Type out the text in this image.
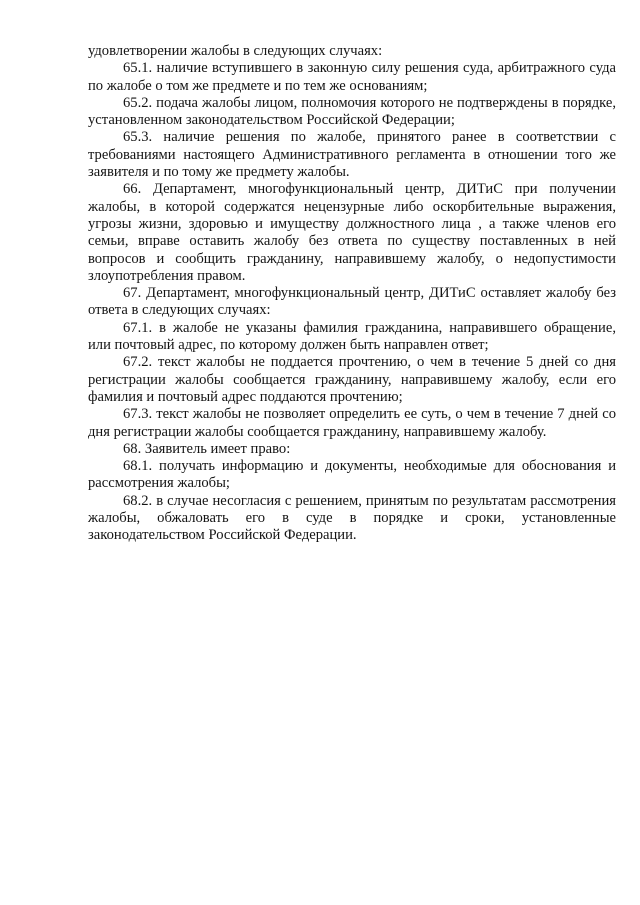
удовлетворении жалобы в следующих случаях:

65.1. наличие вступившего в законную силу решения суда, арбитражного суда по жалобе о том же предмете и по тем же основаниям;

65.2. подача жалобы лицом, полномочия которого не подтверждены в порядке, установленном законодательством Российской Федерации;

65.3. наличие решения по жалобе, принятого ранее в соответствии с требованиями настоящего Административного регламента в отношении того же заявителя и по тому же предмету жалобы.

66. Департамент, многофункциональный центр, ДИТиС при получении жалобы, в которой содержатся нецензурные либо оскорбительные выражения, угрозы жизни, здоровью и имуществу должностного лица , а также членов его семьи, вправе оставить жалобу без ответа по существу поставленных в ней вопросов и сообщить гражданину, направившему жалобу, о недопустимости злоупотребления правом.

67. Департамент, многофункциональный центр, ДИТиС оставляет жалобу без ответа в следующих случаях:

67.1. в жалобе не указаны фамилия гражданина, направившего обращение, или почтовый адрес, по которому должен быть направлен ответ;

67.2. текст жалобы не поддается прочтению, о чем в течение 5 дней со дня регистрации жалобы сообщается гражданину, направившему жалобу, если его фамилия и почтовый адрес поддаются прочтению;

67.3. текст жалобы не позволяет определить ее суть, о чем в течение 7 дней со дня регистрации жалобы сообщается гражданину, направившему жалобу.

68. Заявитель имеет право:

68.1. получать информацию и документы, необходимые для обоснования и рассмотрения жалобы;

68.2. в случае несогласия с решением, принятым по результатам рассмотрения жалобы, обжаловать его в суде в порядке и сроки, установленные законодательством Российской Федерации.
